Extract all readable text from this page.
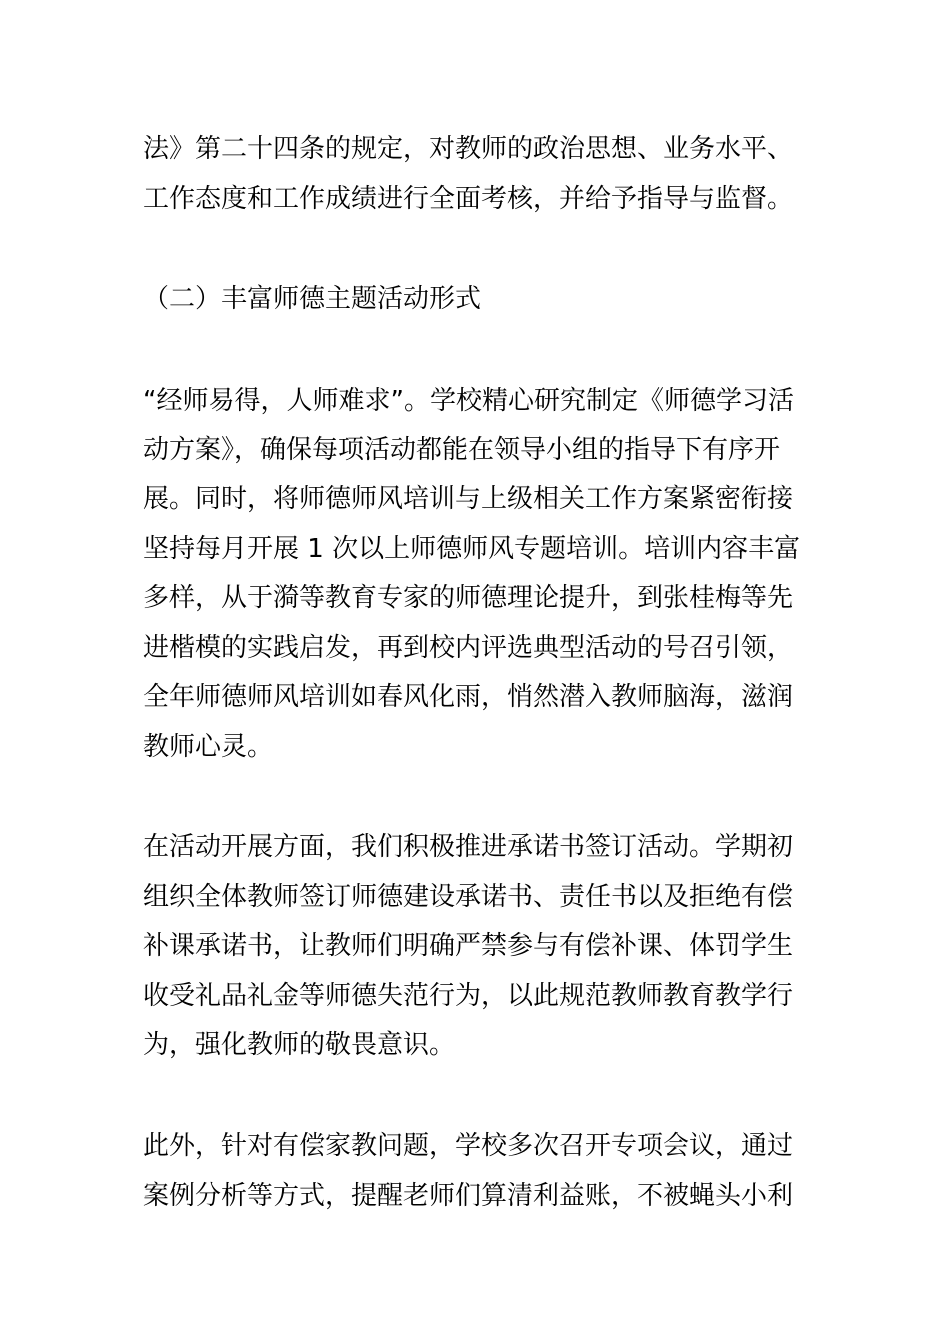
法》第二十四条的规定，对教师的政治思想、业务水平、

工作态度和工作成绩进行全面考核，并给予指导与监督。

（二）丰富师德主题活动形式

“经师易得，人师难求”。学校精心研究制定《师德学习活

动方案》，确保每项活动都能在领导小组的指导下有序开

展。同时，将师德师风培训与上级相关工作方案紧密衔接

坚持每月开展 1 次以上师德师风专题培训。培训内容丰富

多样，从于漪等教育专家的师德理论提升，到张桂梅等先

进楷模的实践启发，再到校内评选典型活动的号召引领，

全年师德师风培训如春风化雨，悄然潜入教师脑海，滋润

教师心灵。

在活动开展方面，我们积极推进承诺书签订活动。学期初

组织全体教师签订师德建设承诺书、责任书以及拒绝有偿

补课承诺书，让教师们明确严禁参与有偿补课、体罚学生

收受礼品礼金等师德失范行为，以此规范教师教育教学行

为，强化教师的敬畏意识。

此外，针对有偿家教问题，学校多次召开专项会议，通过

案例分析等方式，提醒老师们算清利益账，不被蝇头小利
